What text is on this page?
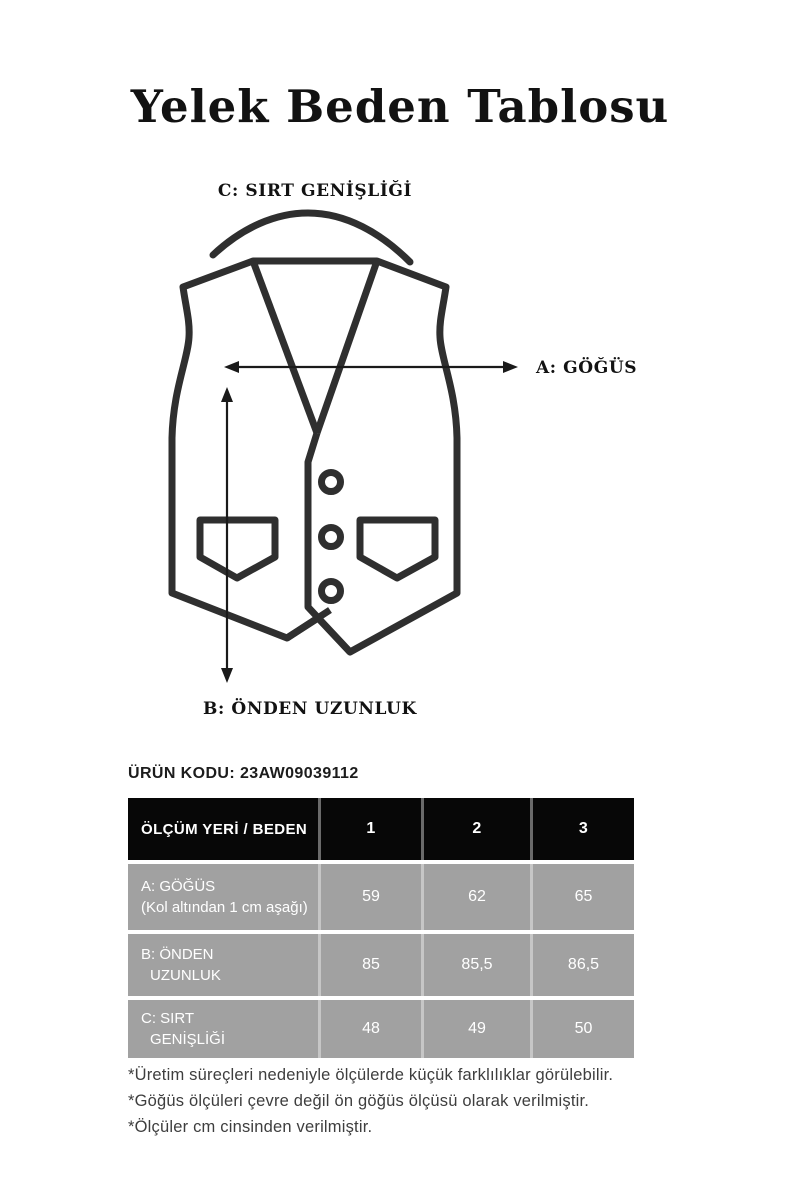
Yelek Beden Tablosu
C: SIRT GENİŞLİĞİ
A: GÖĞÜS
B: ÖNDEN UZUNLUK
ÜRÜN KODU: 23AW09039112
ÖLÇÜM YERİ / BEDEN	1	2	3
A: GÖĞÜS
(Kol altından 1 cm aşağı)
59	62	65
B: ÖNDEN
UZUNLUK
85	85,5	86,5
C: SIRT
GENİŞLİĞİ
48	49	50
*Üretim süreçleri nedeniyle ölçülerde küçük farklılıklar görülebilir.
*Göğüs ölçüleri çevre değil ön göğüs ölçüsü olarak verilmiştir.
*Ölçüler cm cinsinden verilmiştir.
